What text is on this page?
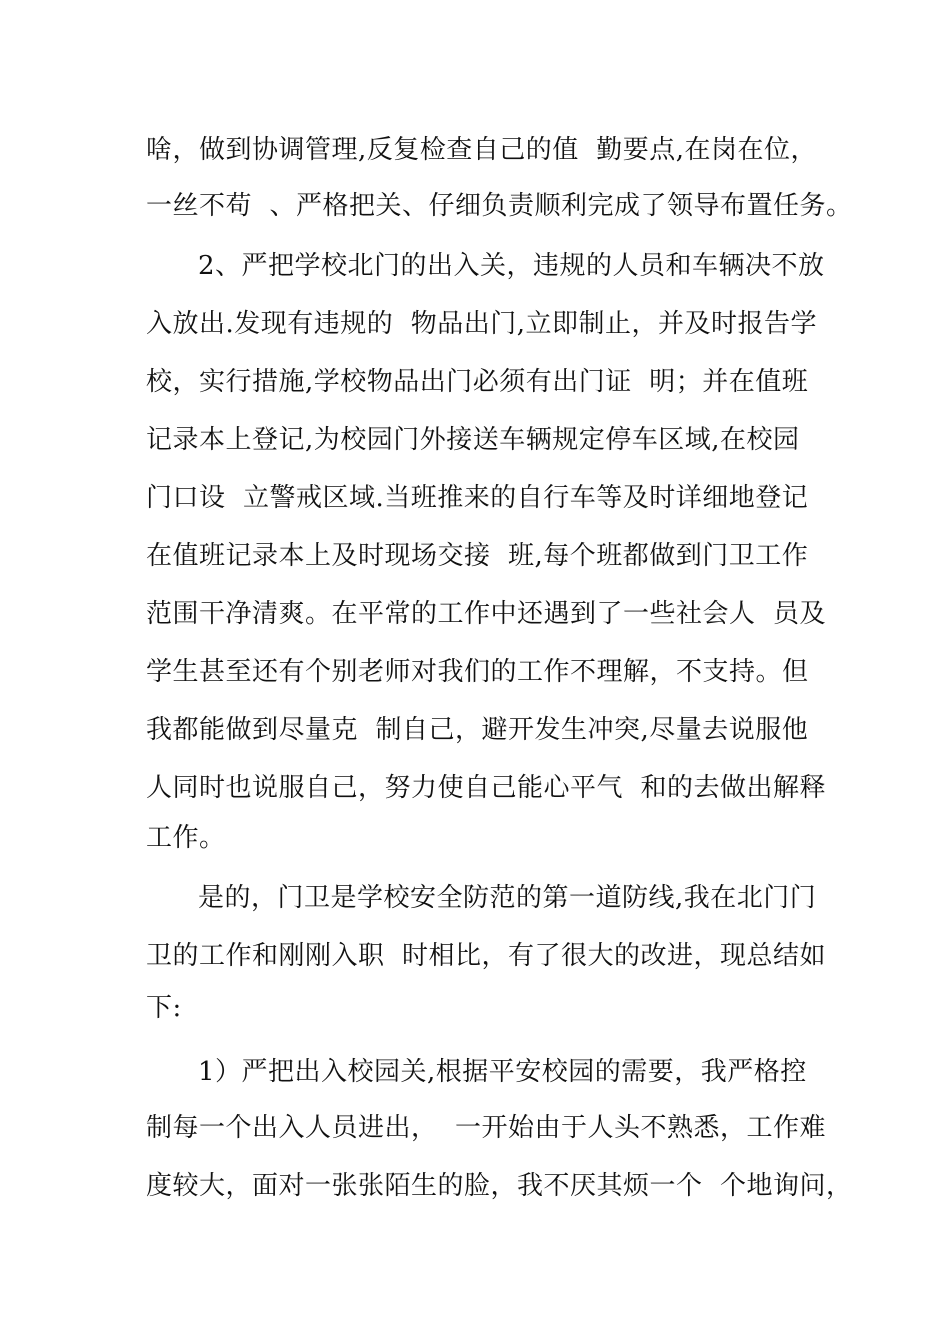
啥，做到协调管理,反复检查自己的值  勤要点,在岗在位，
一丝不苟  、严格把关、仔细负责顺利完成了领导布置任务。
2、严把学校北门的出入关，违规的人员和车辆决不放
入放出.发现有违规的  物品出门,立即制止，并及时报告学
校，实行措施,学校物品出门必须有出门证  明；并在值班
记录本上登记,为校园门外接送车辆规定停车区域,在校园
门口设  立警戒区域.当班推来的自行车等及时详细地登记
在值班记录本上及时现场交接  班,每个班都做到门卫工作
范围干净清爽。在平常的工作中还遇到了一些社会人  员及
学生甚至还有个别老师对我们的工作不理解，不支持。但
我都能做到尽量克  制自己，避开发生冲突,尽量去说服他
人同时也说服自己，努力使自己能心平气  和的去做出解释
工作。
是的，门卫是学校安全防范的第一道防线,我在北门门
卫的工作和刚刚入职  时相比，有了很大的改进，现总结如
下:
1）严把出入校园关,根据平安校园的需要，我严格控
制每一个出入人员进出，  一开始由于人头不熟悉，工作难
度较大，面对一张张陌生的脸，我不厌其烦一个  个地询问，
